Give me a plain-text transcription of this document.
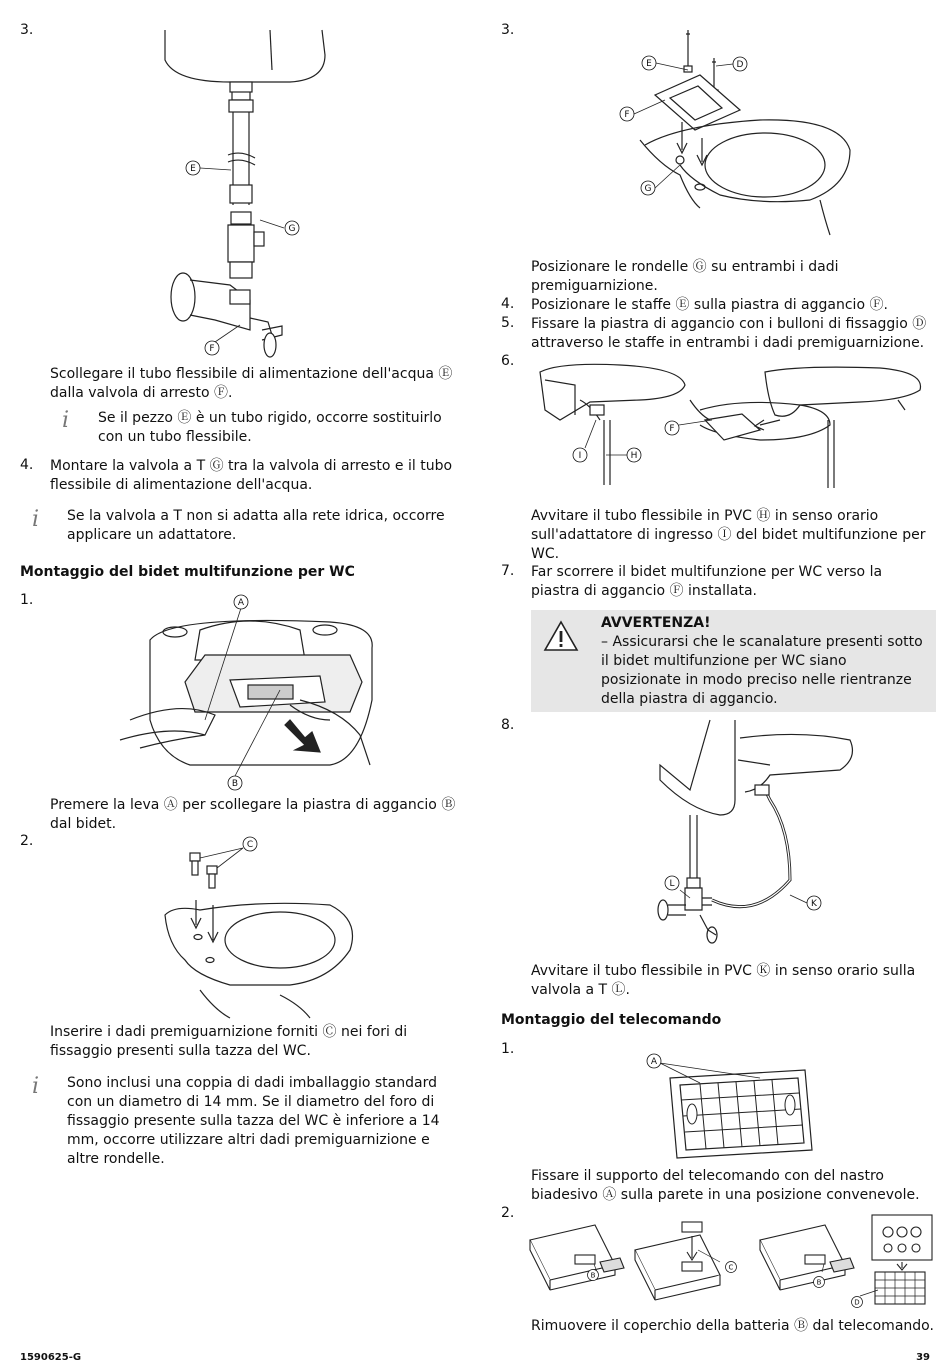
3.
E
G
F
Scollegare il tubo flessibile di alimentazione dell'acqua Ⓔ dalla valvola di arresto Ⓕ.
i Se il pezzo Ⓔ è un tubo rigido, occorre sostituirlo con un tubo flessibile.
4. Montare la valvola a T Ⓖ tra la valvola di arresto e il tubo flessibile di alimentazione dell'acqua.
i Se la valvola a T non si adatta alla rete idrica, occorre applicare un adattatore.
Montaggio del bidet multifunzione per WC
1.	A
B
Premere la leva Ⓐ per scollegare la piastra di aggancio Ⓑ dal bidet.
2.	C
Inserire i dadi premiguarnizione forniti Ⓒ nei fori di fissaggio presenti sulla tazza del WC.
i Sono inclusi una coppia di dadi imballaggio standard con un diametro di 14 mm. Se il diametro del foro di fissaggio presente sulla tazza del WC è inferiore a 14 mm, occorre utilizzare altri dadi premiguarnizione e altre rondelle.
3.
E	D
F
G
Posizionare le rondelle Ⓖ su entrambi i dadi premiguarnizione.
4. Posizionare le staffe Ⓔ sulla piastra di aggancio Ⓕ.
5. Fissare la piastra di aggancio con i bulloni di fissaggio Ⓓ attraverso le staffe in entrambi i dadi premiguarnizione.
6.
I	H
F
Avvitare il tubo flessibile in PVC Ⓗ in senso orario sull'adattatore di ingresso Ⓘ del bidet multifunzione per WC.
7. Far scorrere il bidet multifunzione per WC verso la piastra di aggancio Ⓕ installata.
AVVERTENZA!
– Assicurarsi che le scanalature presenti sotto il bidet multifunzione per WC siano posizionate in modo preciso nelle rientranze della piastra di aggancio.
8.
L
K
Avvitare il tubo flessibile in PVC Ⓚ in senso orario sulla valvola a T Ⓛ.
Montaggio del telecomando
1.
A
Fissare il supporto del telecomando con del nastro biadesivo Ⓐ sulla parete in una posizione convenevole.
2.
B
C
B
D
Rimuovere il coperchio della batteria Ⓑ dal telecomando.
1590625-G	39
